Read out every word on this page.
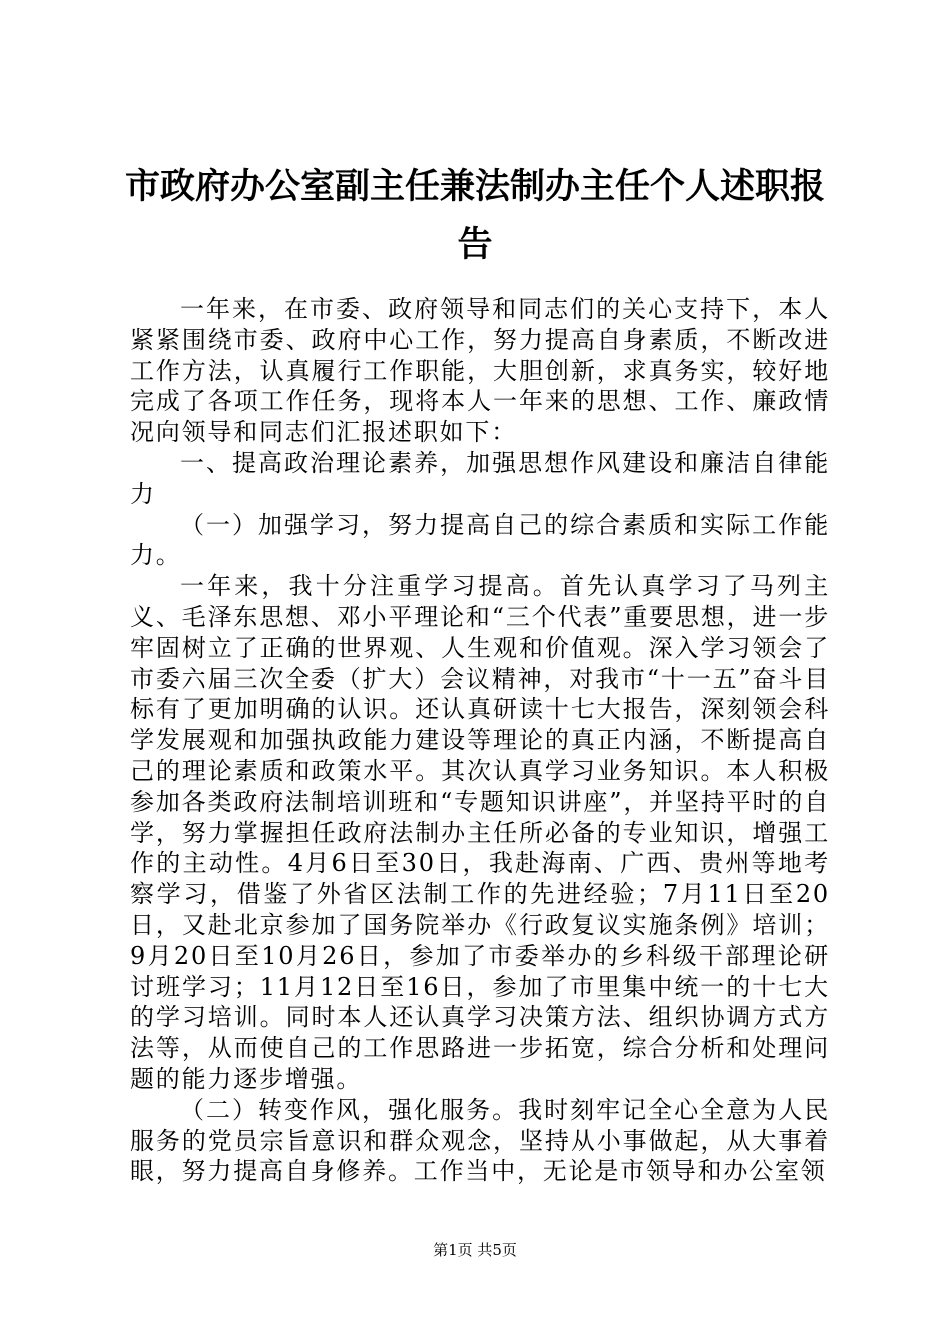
市政府办公室副主任兼法制办主任个人述职报告

一年来，在市委、政府领导和同志们的关心支持下，本人紧紧围绕市委、政府中心工作，努力提高自身素质，不断改进工作方法，认真履行工作职能，大胆创新，求真务实，较好地完成了各项工作任务，现将本人一年来的思想、工作、廉政情况向领导和同志们汇报述职如下：

一、提高政治理论素养，加强思想作风建设和廉洁自律能力

（一）加强学习，努力提高自己的综合素质和实际工作能力。

一年来，我十分注重学习提高。首先认真学习了马列主义、毛泽东思想、邓小平理论和“三个代表”重要思想，进一步牢固树立了正确的世界观、人生观和价值观。深入学习领会了市委六届三次全委（扩大）会议精神，对我市“十一五”奋斗目标有了更加明确的认识。还认真研读十七大报告，深刻领会科学发展观和加强执政能力建设等理论的真正内涵，不断提高自己的理论素质和政策水平。其次认真学习业务知识。本人积极参加各类政府法制培训班和“专题知识讲座”，并坚持平时的自学，努力掌握担任政府法制办主任所必备的专业知识，增强工作的主动性。4月6日至30日，我赴海南、广西、贵州等地考察学习，借鉴了外省区法制工作的先进经验；7月11日至20日，又赴北京参加了国务院举办《行政复议实施条例》培训；9月20日至10月26日，参加了市委举办的乡科级干部理论研讨班学习；11月12日至16日，参加了市里集中统一的十七大的学习培训。同时本人还认真学习决策方法、组织协调方式方法等，从而使自己的工作思路进一步拓宽，综合分析和处理问题的能力逐步增强。

（二）转变作风，强化服务。我时刻牢记全心全意为人民服务的党员宗旨意识和群众观念，坚持从小事做起，从大事着眼，努力提高自身修养。工作当中，无论是市领导和办公室领

第1页 共5页
